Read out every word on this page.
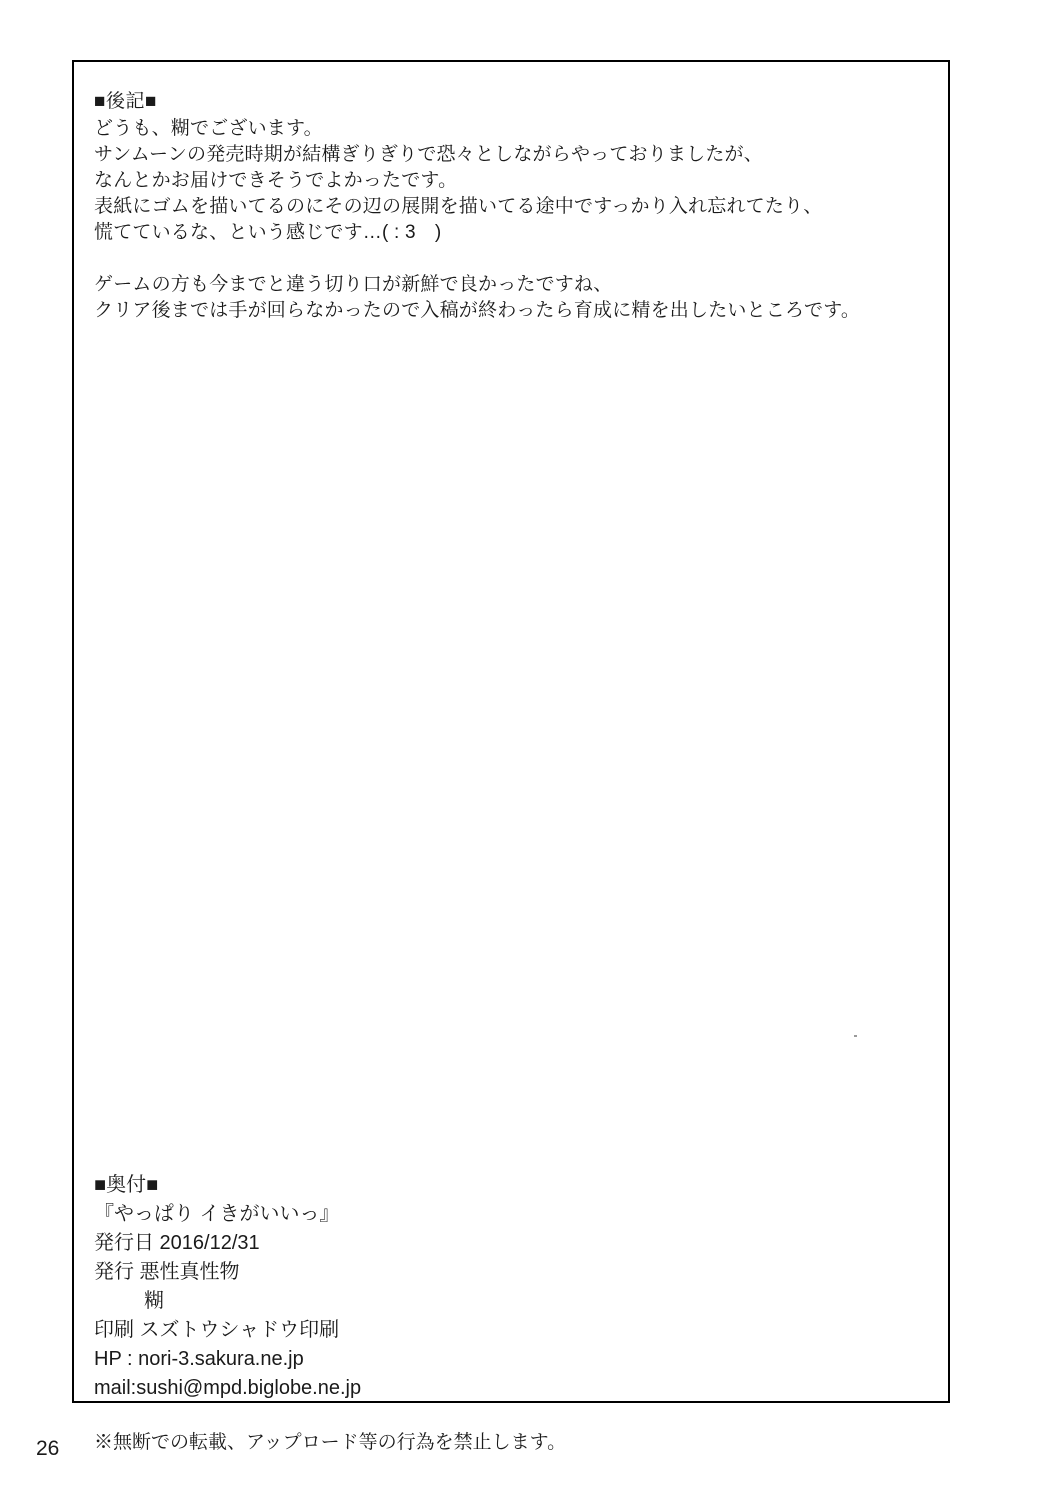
■後記■
どうも、糊でございます。
サンムーンの発売時期が結構ぎりぎりで恐々としながらやっておりましたが、
なんとかお届けできそうでよかったです。
表紙にゴムを描いてるのにその辺の展開を描いてる途中ですっかり入れ忘れてたり、
慌てているな、という感じです…( : 3　)
ゲームの方も今までと違う切り口が新鮮で良かったですね、
クリア後までは手が回らなかったので入稿が終わったら育成に精を出したいところです。
■奥付■
『やっぱり イきがいいっ』
発行日 2016/12/31
発行 悪性真性物
糊
印刷 スズトウシャドウ印刷
HP : nori-3.sakura.ne.jp
mail:sushi@mpd.biglobe.ne.jp
※無断での転載、アップロード等の行為を禁止します。
26
